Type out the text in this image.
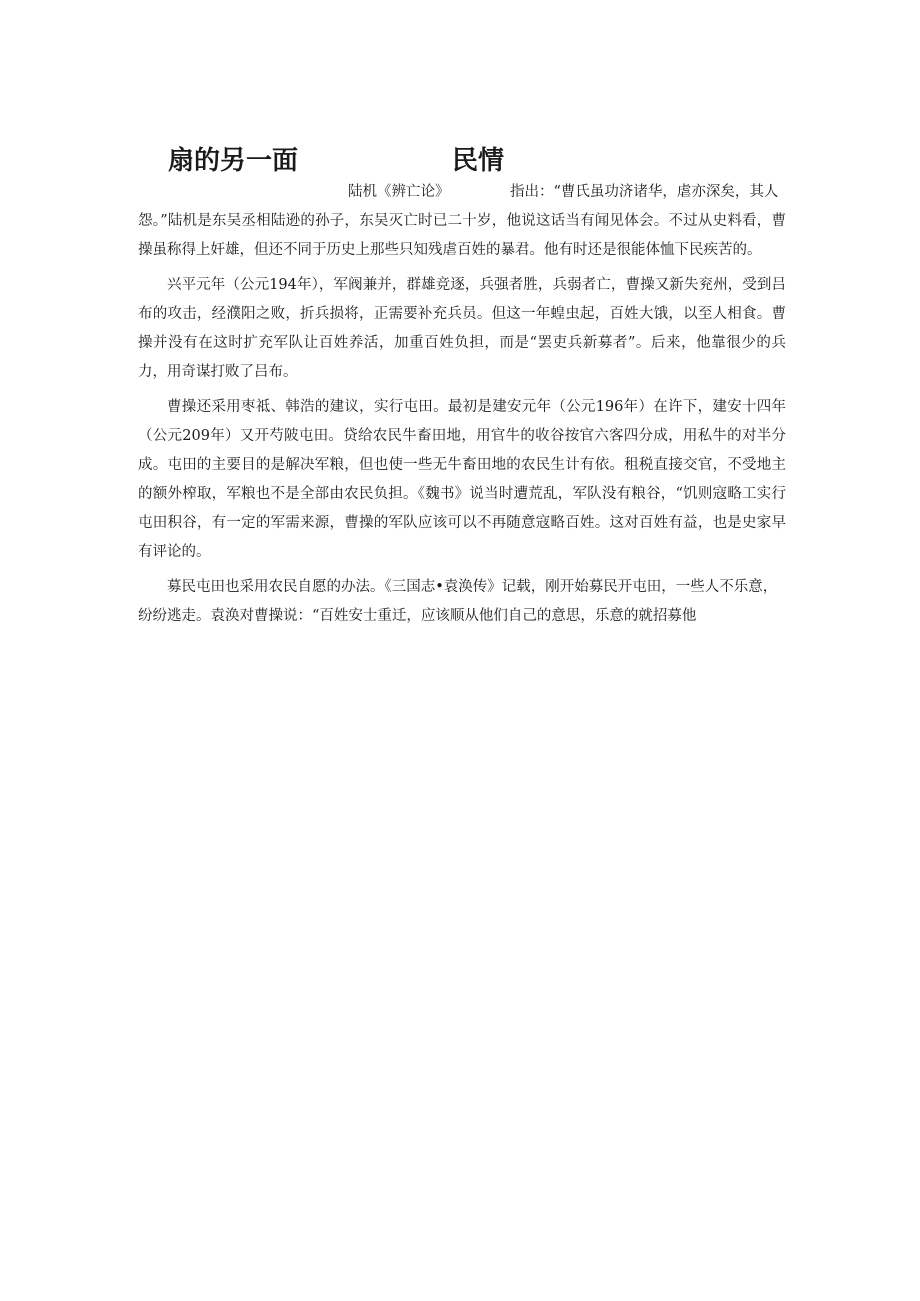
扇的另一面	民情
陆机《辨亡论》	指出：“曹氏虽功济诸华，虐亦深矣，其人

怨。”陆机是东吴丞相陆逊的孙子，东吴灭亡时已二十岁，他说这话当有闻见体会。不过从史料看，曹操虽称得上奸雄，但还不同于历史上那些只知残虐百姓的暴君。他有时还是很能体恤下民疾苦的。

兴平元年（公元194年），军阀兼并，群雄竞逐，兵强者胜，兵弱者亡，曹操又新失兖州，受到吕布的攻击，经濮阳之败，折兵损将，正需要补充兵员。但这一年蝗虫起，百姓大饿，以至人相食。曹操并没有在这时扩充军队让百姓养活，加重百姓负担，而是“罢吏兵新募者”。后来，他靠很少的兵力，用奇谋打败了吕布。

曹操还采用枣祗、韩浩的建议，实行屯田。最初是建安元年（公元196年）在许下，建安十四年（公元209年）又开芍陂屯田。贷给农民牛畜田地，用官牛的收谷按官六客四分成，用私牛的对半分成。屯田的主要目的是解决军粮，但也使一些无牛畜田地的农民生计有依。租税直接交官，不受地主的额外榨取，军粮也不是全部由农民负担。《魏书》说当时遭荒乱，军队没有粮谷，“饥则寇略工实行屯田积谷，有一定的军需来源，曹操的军队应该可以不再随意寇略百姓。这对百姓有益，也是史家早有评论的。

募民屯田也采用农民自愿的办法。《三国志•袁涣传》记载，刚开始募民开屯田，一些人不乐意，纷纷逃走。袁涣对曹操说：“百姓安士重迁，应该顺从他们自己的意思，乐意的就招募他
